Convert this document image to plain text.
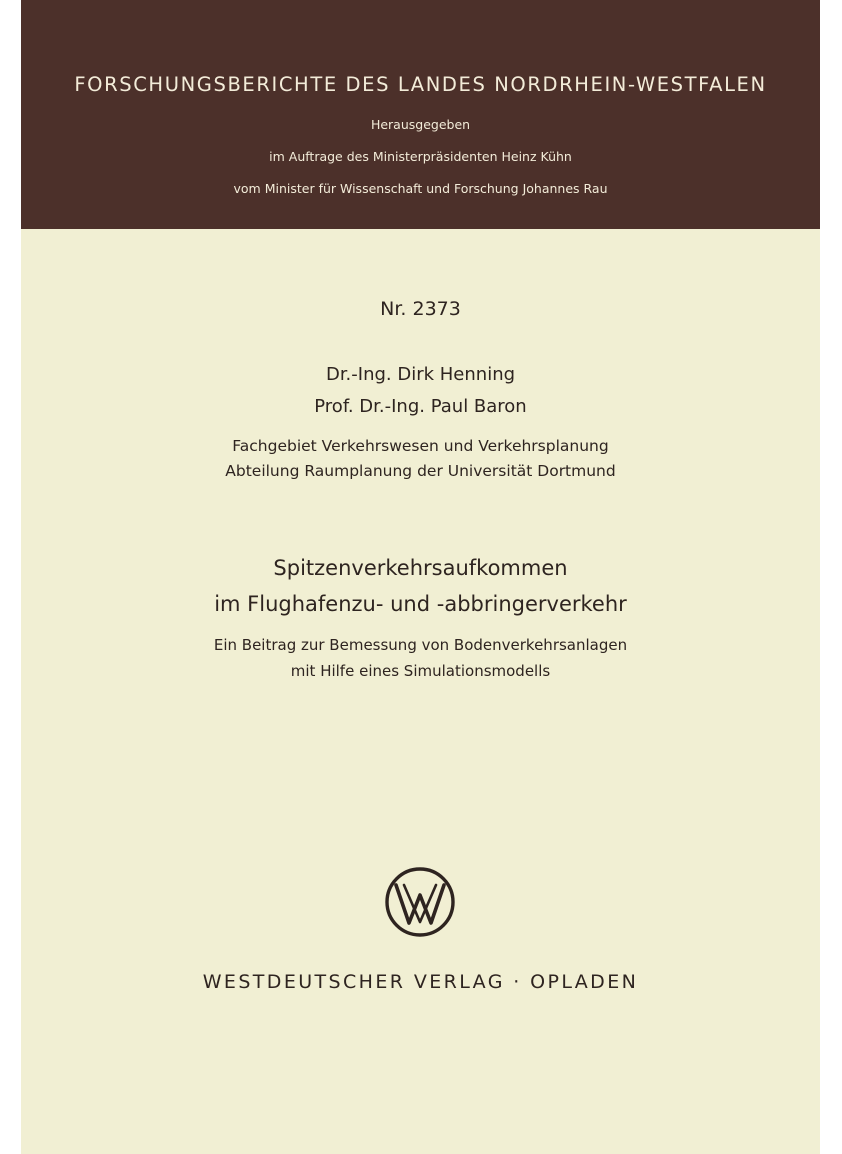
FORSCHUNGSBERICHTE DES LANDES NORDRHEIN-WESTFALEN
Herausgegeben
im Auftrage des Ministerpräsidenten Heinz Kühn
vom Minister für Wissenschaft und Forschung Johannes Rau
Nr. 2373
Dr.-Ing. Dirk Henning
Prof. Dr.-Ing. Paul Baron
Fachgebiet Verkehrswesen und Verkehrsplanung
Abteilung Raumplanung der Universität Dortmund
Spitzenverkehrsaufkommen
im Flughafenzu- und -abbringerverkehr
Ein Beitrag zur Bemessung von Bodenverkehrsanlagen
mit Hilfe eines Simulationsmodells
WESTDEUTSCHER VERLAG · OPLADEN
